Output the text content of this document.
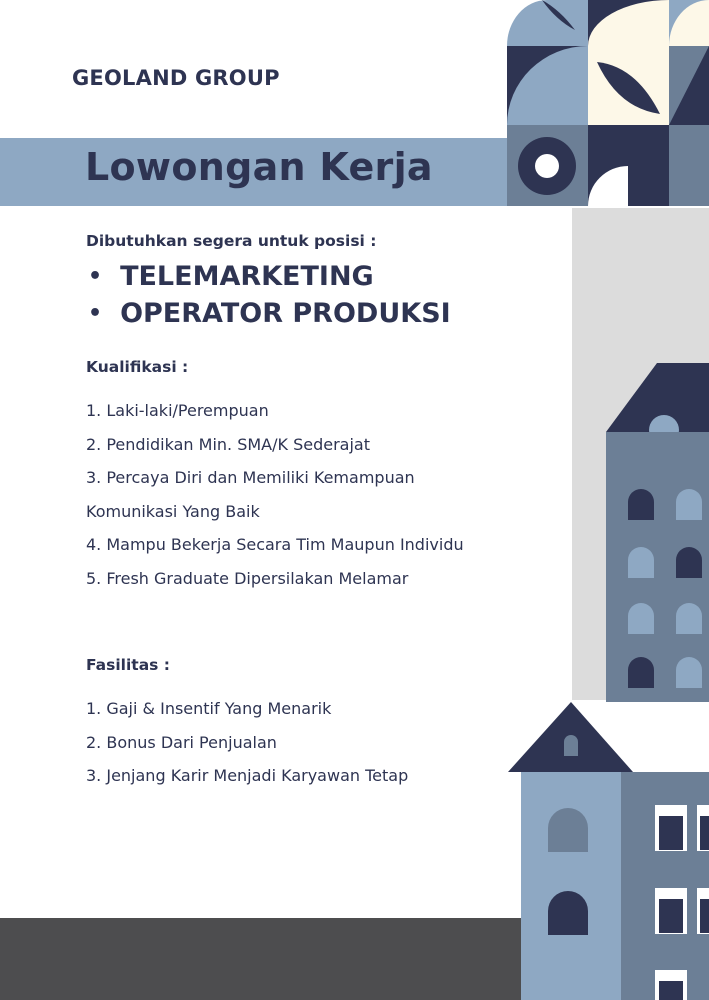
GEOLAND GROUP
Lowongan Kerja
Dibutuhkan segera untuk posisi :
• TELEMARKETING
• OPERATOR PRODUKSI
Kualifikasi :
1. Laki-laki/Perempuan
2. Pendidikan Min. SMA/K Sederajat
3. Percaya Diri dan Memiliki Kemampuan
Komunikasi Yang Baik
4. Mampu Bekerja Secara Tim Maupun Individu
5. Fresh Graduate Dipersilakan Melamar
Fasilitas :
1. Gaji & Insentif Yang Menarik
2. Bonus Dari Penjualan
3. Jenjang Karir Menjadi Karyawan Tetap
